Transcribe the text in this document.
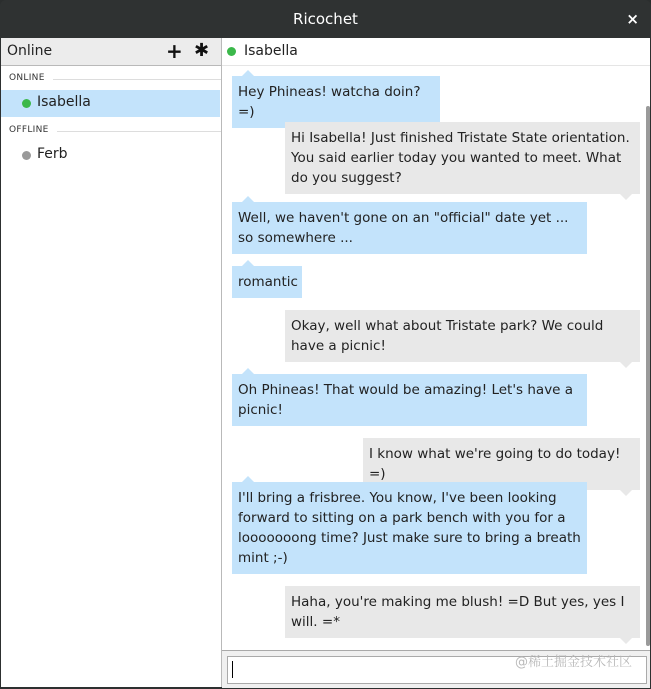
Ricochet	×
Online	+ ✱
ONLINE
Isabella
OFFLINE
Ferb
Isabella
Hey Phineas! watcha doin? =)
Hi Isabella! Just finished Tristate State orientation. You said earlier today you wanted to meet. What do you suggest?
Well, we haven't gone on an "official" date yet ... so somewhere ...
romantic
Okay, well what about Tristate park? We could have a picnic!
Oh Phineas! That would be amazing! Let's have a picnic!
I know what we're going to do today! =)
I'll bring a frisbree. You know, I've been looking forward to sitting on a park bench with you for a looooooong time? Just make sure to bring a breath mint ;-)
Haha, you're making me blush! =D But yes, yes I will. =*
@稀土掘金技术社区
